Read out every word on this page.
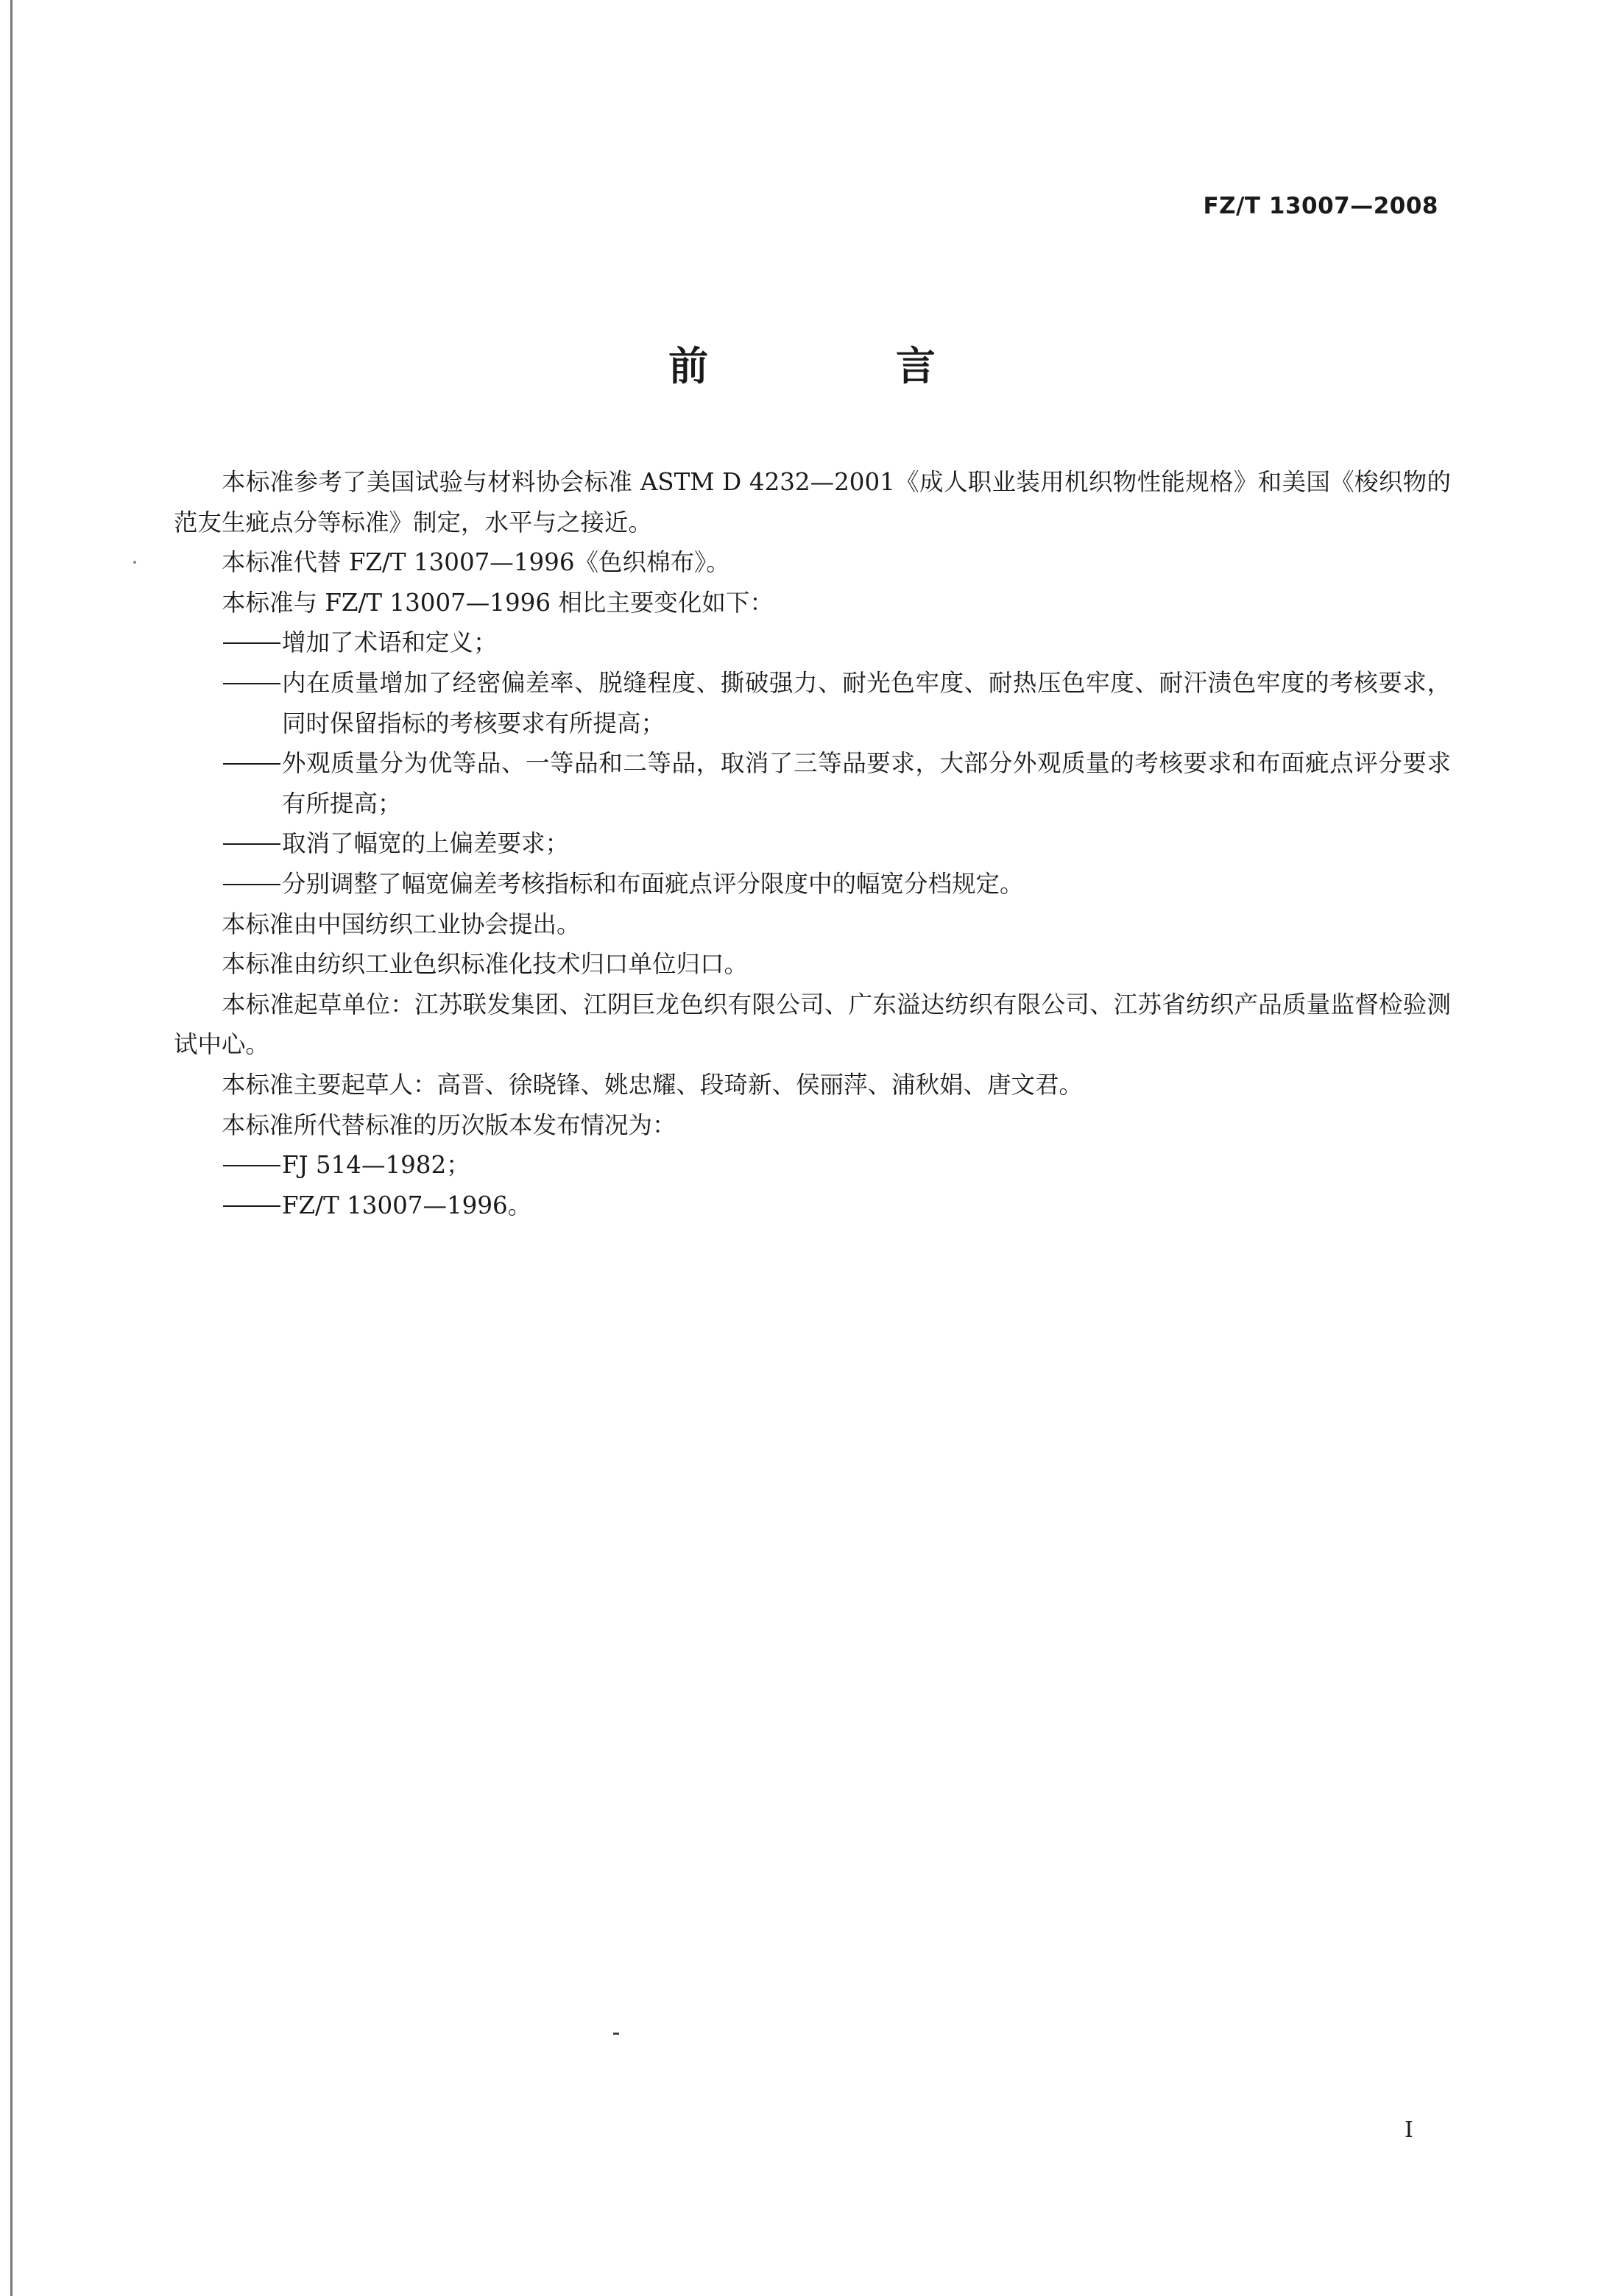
FZ/T 13007—2008
前 言

本标准参考了美国试验与材料协会标准 ASTM D 4232—2001《成人职业装用机织物性能规格》和美国《梭织物的范友生疵点分等标准》制定，水平与之接近。

本标准代替 FZ/T 13007—1996《色织棉布》。

本标准与 FZ/T 13007—1996 相比主要变化如下：

增加了术语和定义；
内在质量增加了经密偏差率、脱缝程度、撕破强力、耐光色牢度、耐热压色牢度、耐汗渍色牢度的考核要求，同时保留指标的考核要求有所提高；
外观质量分为优等品、一等品和二等品，取消了三等品要求，大部分外观质量的考核要求和布面疵点评分要求有所提高；
取消了幅宽的上偏差要求；
分别调整了幅宽偏差考核指标和布面疵点评分限度中的幅宽分档规定。

本标准由中国纺织工业协会提出。

本标准由纺织工业色织标准化技术归口单位归口。

本标准起草单位：江苏联发集团、江阴巨龙色织有限公司、广东溢达纺织有限公司、江苏省纺织产品质量监督检验测试中心。

本标准主要起草人：高晋、徐晓锋、姚忠耀、段琦新、侯丽萍、浦秋娟、唐文君。

本标准所代替标准的历次版本发布情况为：

FJ 514—1982；
FZ/T 13007—1996。
I
